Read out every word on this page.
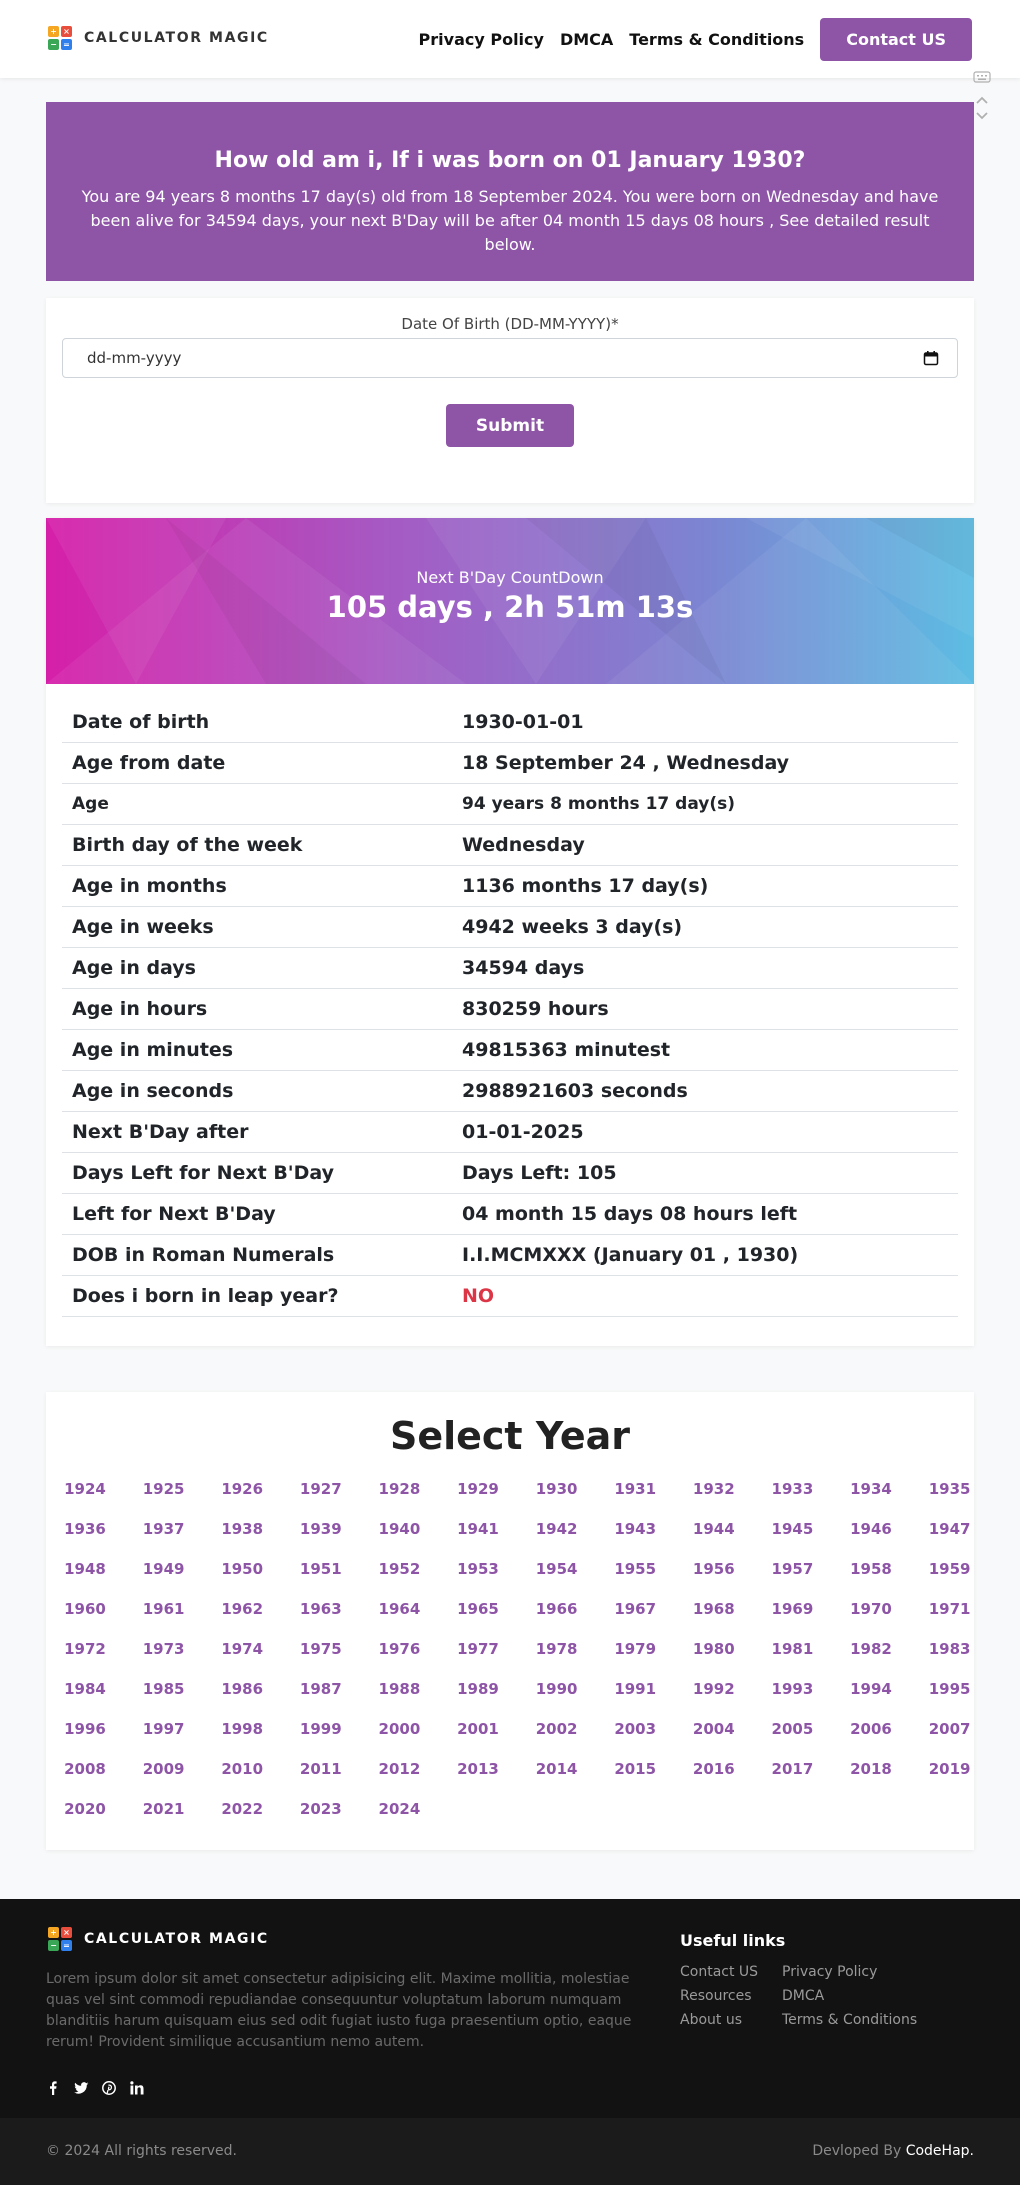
+ ×
− = CALCULATOR MAGIC	Privacy Policy DMCA Terms & Conditions	Contact US
How old am i, If i was born on 01 January 1930?

You are 94 years 8 months 17 day(s) old from 18 September 2024. You were born on Wednesday and have been alive for 34594 days, your next B'Day will be after 04 month 15 days 08 hours , See detailed result below.

Date Of Birth (DD-MM-YYYY)*
dd-mm-yyyy
Submit
Next B'Day CountDown
105 days , 2h 51m 13s
Date of birth	1930-01-01
Age from date	18 September 24 , Wednesday
Age	94 years 8 months 17 day(s)
Birth day of the week	Wednesday
Age in months	1136 months 17 day(s)
Age in weeks	4942 weeks 3 day(s)
Age in days	34594 days
Age in hours	830259 hours
Age in minutes	49815363 minutest
Age in seconds	2988921603 seconds
Next B'Day after	01-01-2025
Days Left for Next B'Day	Days Left: 105
Left for Next B'Day	04 month 15 days 08 hours left
DOB in Roman Numerals	I.I.MCMXXX (January 01 , 1930)
Does i born in leap year?	NO
Select Year
1924	1925	1926	1927	1928	1929	1930	1931	1932	1933	1934	1935
1936	1937	1938	1939	1940	1941	1942	1943	1944	1945	1946	1947
1948	1949	1950	1951	1952	1953	1954	1955	1956	1957	1958	1959
1960	1961	1962	1963	1964	1965	1966	1967	1968	1969	1970	1971
1972	1973	1974	1975	1976	1977	1978	1979	1980	1981	1982	1983
1984	1985	1986	1987	1988	1989	1990	1991	1992	1993	1994	1995
1996	1997	1998	1999	2000	2001	2002	2003	2004	2005	2006	2007
2008	2009	2010	2011	2012	2013	2014	2015	2016	2017	2018	2019
2020	2021	2022	2023	2024
+ ×
− = CALCULATOR MAGIC

Lorem ipsum dolor sit amet consectetur adipisicing elit. Maxime mollitia, molestiae quas vel sint commodi repudiandae consequuntur voluptatum laborum numquam blanditiis harum quisquam eius sed odit fugiat iusto fuga praesentium optio, eaque rerum! Provident similique accusantium nemo autem.

Useful links
Contact US	Privacy Policy
Resources	DMCA
About us	Terms & Conditions
© 2024 All rights reserved.	Devloped By CodeHap.
